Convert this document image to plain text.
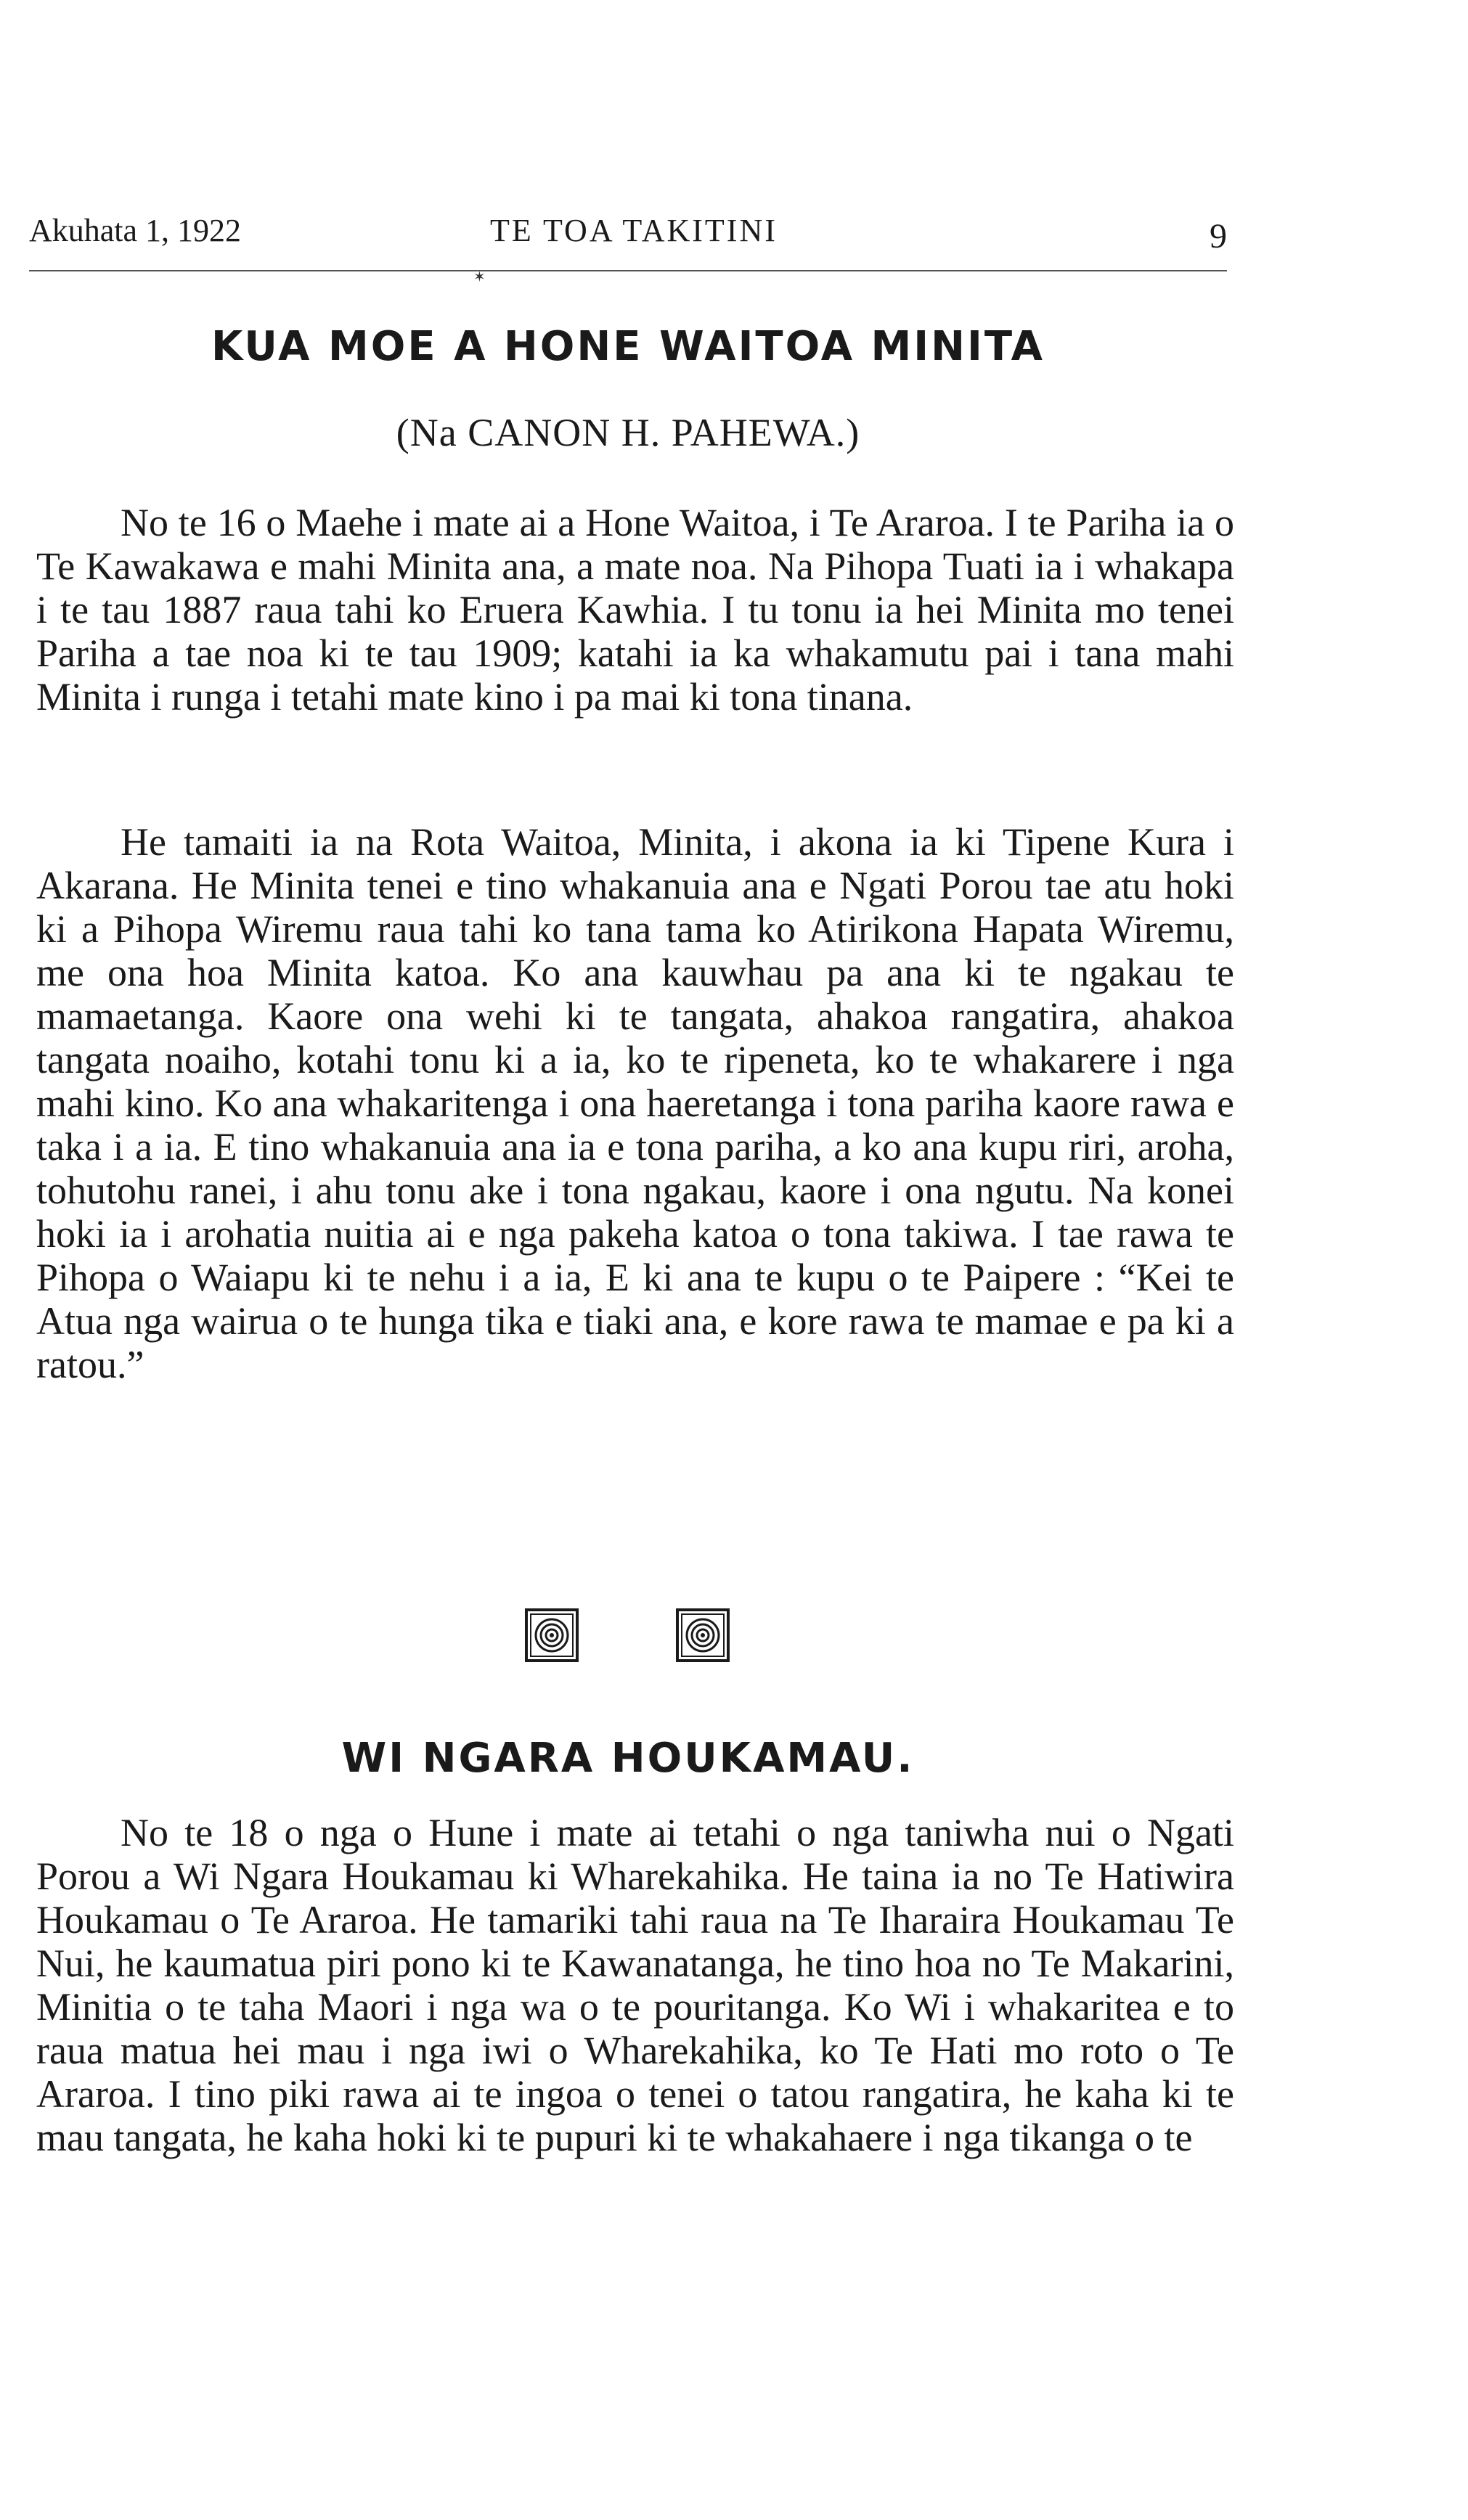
Akuhata 1, 1922	TE TOA TAKITINI	9
✶
KUA MOE A HONE WAITOA MINITA
(Na CANON H. PAHEWA.)

No te 16 o Maehe i mate ai a Hone Waitoa, i Te Araroa. I te Pariha ia o Te Kawakawa e mahi Minita ana, a mate noa. Na Pihopa Tuati ia i whakapa i te tau 1887 raua tahi ko Eruera Kawhia. I tu tonu ia hei Minita mo tenei Pariha a tae noa ki te tau 1909; katahi ia ka whakamutu pai i tana mahi Minita i runga i tetahi mate kino i pa mai ki tona tinana.

He tamaiti ia na Rota Waitoa, Minita, i akona ia ki Tipene Kura i Akarana. He Minita tenei e tino whakanuia ana e Ngati Porou tae atu hoki ki a Pihopa Wiremu raua tahi ko tana tama ko Atirikona Hapata Wiremu, me ona hoa Minita katoa. Ko ana kauwhau pa ana ki te ngakau te mamaetanga. Kaore ona wehi ki te tangata, ahakoa rangatira, ahakoa tangata noaiho, kotahi tonu ki a ia, ko te ripeneta, ko te whakarere i nga mahi kino. Ko ana whakaritenga i ona haeretanga i tona pariha kaore rawa e taka i a ia. E tino whakanuia ana ia e tona pariha, a ko ana kupu riri, aroha, tohutohu ranei, i ahu tonu ake i tona ngakau, kaore i ona ngutu. Na konei hoki ia i arohatia nuitia ai e nga pakeha katoa o tona takiwa. I tae rawa te Pihopa o Waiapu ki te nehu i a ia, E ki ana te kupu o te Paipere : “Kei te Atua nga wairua o te hunga tika e tiaki ana, e kore rawa te mamae e pa ki a ratou.”

WI NGARA HOUKAMAU.

No te 18 o nga o Hune i mate ai tetahi o nga taniwha nui o Ngati Porou a Wi Ngara Houkamau ki Wharekahika. He taina ia no Te Hatiwira Houkamau o Te Araroa. He tamariki tahi raua na Te Iharaira Houkamau Te Nui, he kaumatua piri pono ki te Kawanatanga, he tino hoa no Te Makarini, Minitia o te taha Maori i nga wa o te pouritanga. Ko Wi i whakaritea e to raua matua hei mau i nga iwi o Wharekahika, ko Te Hati mo roto o Te Araroa. I tino piki rawa ai te ingoa o tenei o tatou rangatira, he kaha ki te mau tangata, he kaha hoki ki te pupuri ki te whakahaere i nga tikanga o te
